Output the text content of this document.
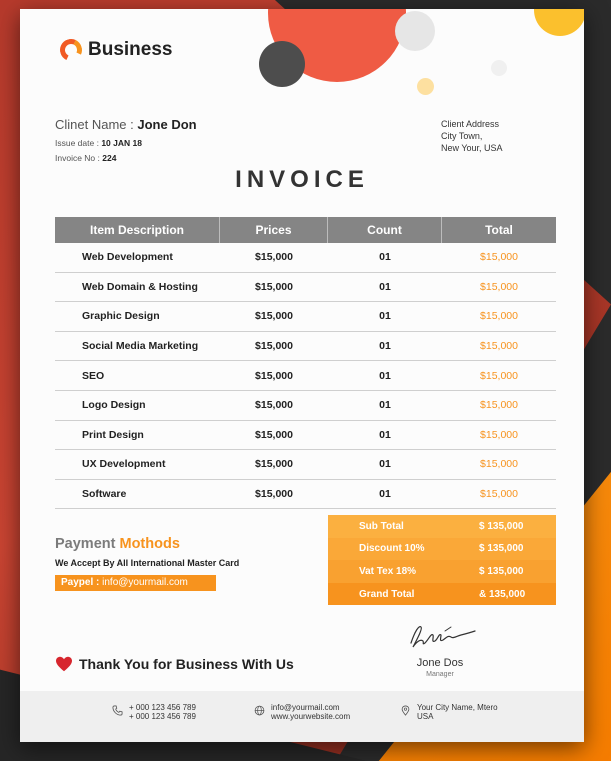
Business
Clinet Name : Jone Don
Issue date : 10 JAN 18
Invoice No : 224
Client Address
City Town,
New Your, USA
INVOICE
Item Description	Prices	Count	Total
Web Development	$15,000	01	$15,000
Web Domain & Hosting	$15,000	01	$15,000
Graphic Design	$15,000	01	$15,000
Social Media Marketing	$15,000	01	$15,000
SEO	$15,000	01	$15,000
Logo Design	$15,000	01	$15,000
Print Design	$15,000	01	$15,000
UX Development	$15,000	01	$15,000
Software	$15,000	01	$15,000
Sub Total	$ 135,000
Discount 10%	$ 135,000
Vat Tex 18%	$ 135,000
Grand Total	& 135,000
Payment Mothods
We Accept By All International Master Card
Paypel : info@yourmail.com
Thank You for Business With Us	Jone Dos
Manager
+ 000 123 456 789
+ 000 123 456 789
info@yourmail.com
www.yourwebsite.com
Your City Name, Mtero
USA
